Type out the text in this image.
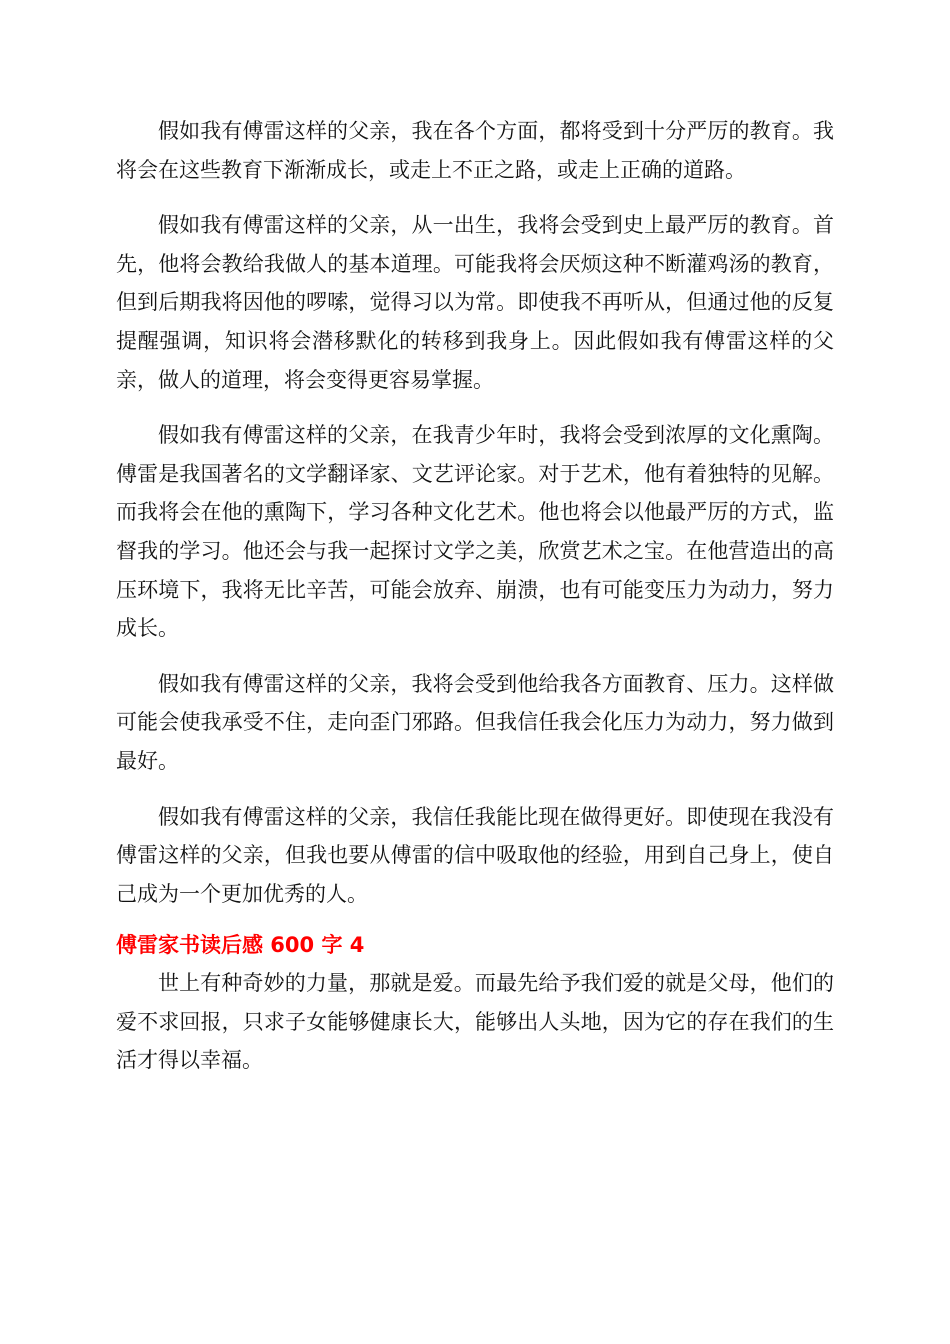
假如我有傅雷这样的父亲，我在各个方面，都将受到十分严厉的教育。我将会在这些教育下渐渐成长，或走上不正之路，或走上正确的道路。

假如我有傅雷这样的父亲，从一出生，我将会受到史上最严厉的教育。首先，他将会教给我做人的基本道理。可能我将会厌烦这种不断灌鸡汤的教育，但到后期我将因他的啰嗦，觉得习以为常。即使我不再听从，但通过他的反复提醒强调，知识将会潜移默化的转移到我身上。因此假如我有傅雷这样的父亲，做人的道理，将会变得更容易掌握。

假如我有傅雷这样的父亲，在我青少年时，我将会受到浓厚的文化熏陶。傅雷是我国著名的文学翻译家、文艺评论家。对于艺术，他有着独特的见解。而我将会在他的熏陶下，学习各种文化艺术。他也将会以他最严厉的方式，监督我的学习。他还会与我一起探讨文学之美，欣赏艺术之宝。在他营造出的高压环境下，我将无比辛苦，可能会放弃、崩溃，也有可能变压力为动力，努力成长。

假如我有傅雷这样的父亲，我将会受到他给我各方面教育、压力。这样做可能会使我承受不住，走向歪门邪路。但我信任我会化压力为动力，努力做到最好。

假如我有傅雷这样的父亲，我信任我能比现在做得更好。即使现在我没有傅雷这样的父亲，但我也要从傅雷的信中吸取他的经验，用到自己身上，使自己成为一个更加优秀的人。

傅雷家书读后感 600 字 4

世上有种奇妙的力量，那就是爱。而最先给予我们爱的就是父母，他们的爱不求回报，只求子女能够健康长大，能够出人头地，因为它的存在我们的生活才得以幸福。
